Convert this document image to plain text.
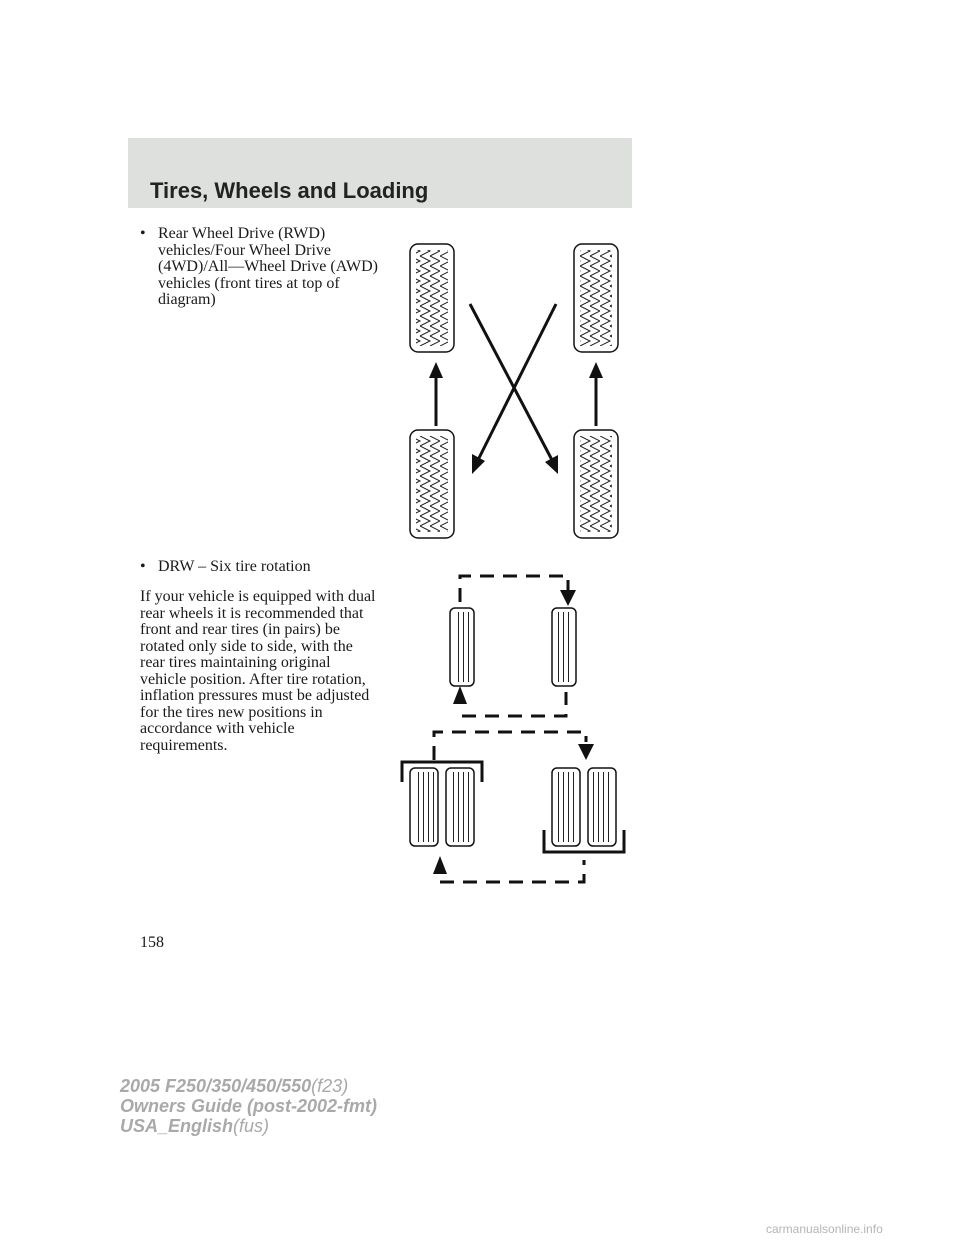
Tires, Wheels and Loading
• Rear Wheel Drive (RWD)
vehicles/Four Wheel Drive
(4WD)/All—Wheel Drive (AWD)
vehicles (front tires at top of
diagram)
• DRW – Six tire rotation
If your vehicle is equipped with dual
rear wheels it is recommended that
front and rear tires (in pairs) be
rotated only side to side, with the
rear tires maintaining original
vehicle position. After tire rotation,
inflation pressures must be adjusted
for the tires new positions in
accordance with vehicle
requirements.
158
2005 F250/350/450/550(f23)
Owners Guide (post-2002-fmt)
USA_English(fus)
carmanualsonline.info
